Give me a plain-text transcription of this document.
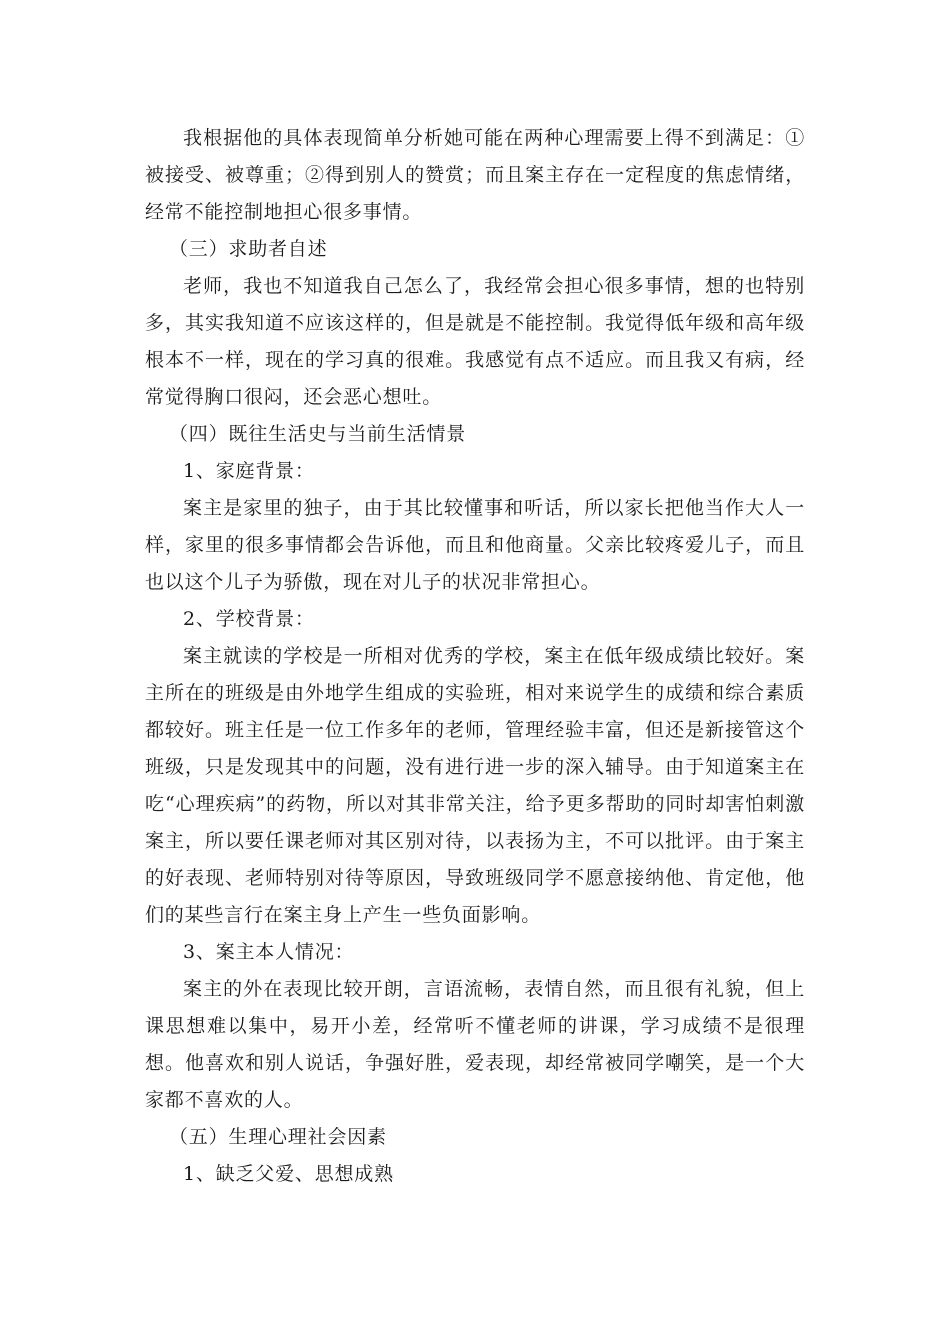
我根据他的具体表现简单分析她可能在两种心理需要上得不到满足：①被接受、被尊重；②得到别人的赞赏；而且案主存在一定程度的焦虑情绪，经常不能控制地担心很多事情。

（三）求助者自述

老师，我也不知道我自己怎么了，我经常会担心很多事情，想的也特别多，其实我知道不应该这样的，但是就是不能控制。我觉得低年级和高年级根本不一样，现在的学习真的很难。我感觉有点不适应。而且我又有病，经常觉得胸口很闷，还会恶心想吐。

（四）既往生活史与当前生活情景

1、家庭背景：

案主是家里的独子，由于其比较懂事和听话，所以家长把他当作大人一样，家里的很多事情都会告诉他，而且和他商量。父亲比较疼爱儿子，而且也以这个儿子为骄傲，现在对儿子的状况非常担心。

2、学校背景：

案主就读的学校是一所相对优秀的学校，案主在低年级成绩比较好。案主所在的班级是由外地学生组成的实验班，相对来说学生的成绩和综合素质都较好。班主任是一位工作多年的老师，管理经验丰富，但还是新接管这个班级，只是发现其中的问题，没有进行进一步的深入辅导。由于知道案主在吃“心理疾病”的药物，所以对其非常关注，给予更多帮助的同时却害怕刺激案主，所以要任课老师对其区别对待，以表扬为主，不可以批评。由于案主的好表现、老师特别对待等原因，导致班级同学不愿意接纳他、肯定他，他们的某些言行在案主身上产生一些负面影响。

3、案主本人情况：

案主的外在表现比较开朗，言语流畅，表情自然，而且很有礼貌，但上课思想难以集中，易开小差，经常听不懂老师的讲课，学习成绩不是很理想。他喜欢和别人说话，争强好胜，爱表现，却经常被同学嘲笑，是一个大家都不喜欢的人。

（五）生理心理社会因素

1、缺乏父爱、思想成熟
